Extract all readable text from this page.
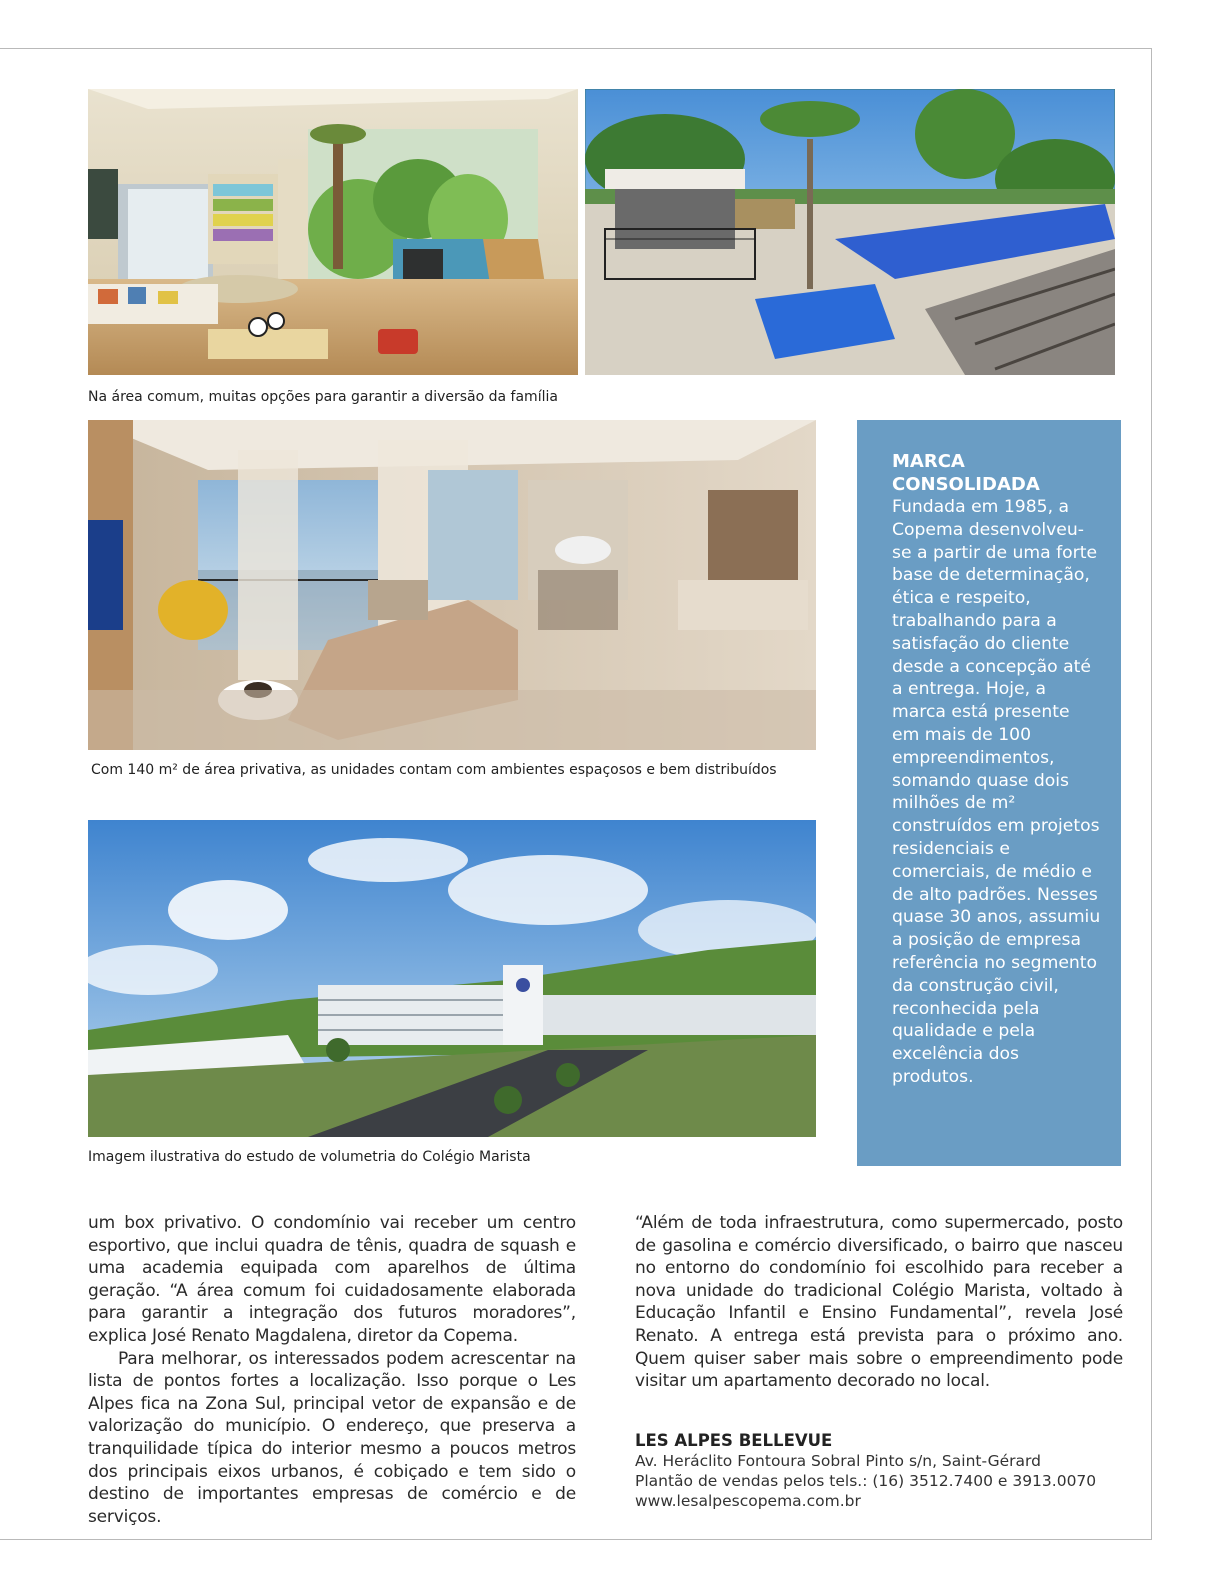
Na área comum, muitas opções para garantir a diversão da família
Com 140 m² de área privativa, as unidades contam com ambientes espaçosos e bem distribuídos
Imagem ilustrativa do estudo de volumetria do Colégio Marista

MARCA CONSOLIDADA

Fundada em 1985, a Copema desenvolveu-se a partir de uma forte base de determinação, ética e respeito, trabalhando para a satisfação do cliente desde a concepção até a entrega. Hoje, a marca está presente em mais de 100 empreendimentos, somando quase dois milhões de m² construídos em projetos residenciais e comerciais, de médio e de alto padrões. Nesses quase 30 anos, assumiu a posição de empresa referência no segmento da construção civil, reconhecida pela qualidade e pela excelência dos produtos.

um box privativo. O condomínio vai receber um centro esportivo, que inclui quadra de tênis, quadra de squash e uma academia equipada com aparelhos de última geração. “A área comum foi cuidadosamente elaborada para garantir a integração dos futuros moradores”, explica José Renato Magdalena, diretor da Copema.

Para melhorar, os interessados podem acrescentar na lista de pontos fortes a localização. Isso porque o Les Alpes fica na Zona Sul, principal vetor de expansão e de valorização do município. O endereço, que preserva a tranquilidade típica do interior mesmo a poucos metros dos principais eixos urbanos, é cobiçado e tem sido o destino de importantes empresas de comércio e de serviços.

“Além de toda infraestrutura, como supermercado, posto de gasolina e comércio diversificado, o bairro que nasceu no entorno do condomínio foi escolhido para receber a nova unidade do tradicional Colégio Marista, voltado à Educação Infantil e Ensino Fundamental”, revela José Renato. A entrega está prevista para o próximo ano. Quem quiser saber mais sobre o empreendimento pode visitar um apartamento decorado no local.

LES ALPES BELLEVUE
Av. Heráclito Fontoura Sobral Pinto s/n, Saint-Gérard
Plantão de vendas pelos tels.: (16) 3512.7400 e 3913.0070
www.lesalpescopema.com.br
